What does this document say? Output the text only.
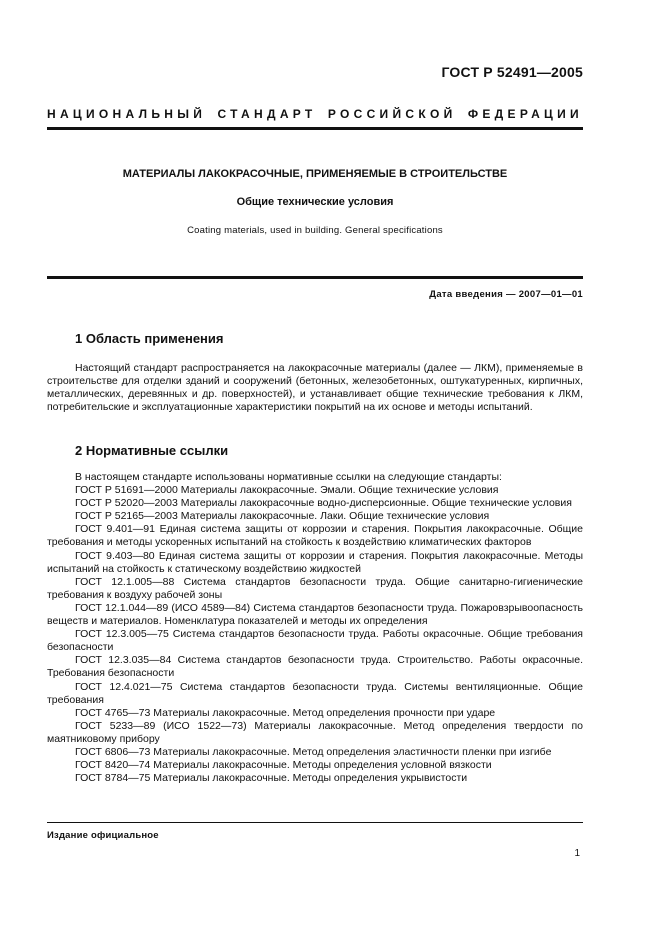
ГОСТ Р 52491—2005
НАЦИОНАЛЬНЫЙ СТАНДАРТ РОССИЙСКОЙ ФЕДЕРАЦИИ
МАТЕРИАЛЫ ЛАКОКРАСОЧНЫЕ, ПРИМЕНЯЕМЫЕ В СТРОИТЕЛЬСТВЕ
Общие технические условия
Coating materials, used in building. General specifications
Дата введения — 2007—01—01
1 Область применения

Настоящий стандарт распространяется на лакокрасочные материалы (далее — ЛКМ), применяемые в строительстве для отделки зданий и сооружений (бетонных, железобетонных, оштукатуренных, кирпичных, металлических, деревянных и др. поверхностей), и устанавливает общие технические требования к ЛКМ, потребительские и эксплуатационные характеристики покрытий на их основе и методы испытаний.

2 Нормативные ссылки

В настоящем стандарте использованы нормативные ссылки на следующие стандарты:

ГОСТ Р 51691—2000 Материалы лакокрасочные. Эмали. Общие технические условия

ГОСТ Р 52020—2003 Материалы лакокрасочные водно-дисперсионные. Общие технические условия

ГОСТ Р 52165—2003 Материалы лакокрасочные. Лаки. Общие технические условия

ГОСТ 9.401—91 Единая система защиты от коррозии и старения. Покрытия лакокрасочные. Общие требования и методы ускоренных испытаний на стойкость к воздействию климатических факторов

ГОСТ 9.403—80 Единая система защиты от коррозии и старения. Покрытия лакокрасочные. Методы испытаний на стойкость к статическому воздействию жидкостей

ГОСТ 12.1.005—88 Система стандартов безопасности труда. Общие санитарно-гигиенические требования к воздуху рабочей зоны

ГОСТ 12.1.044—89 (ИСО 4589—84) Система стандартов безопасности труда. Пожаровзрывоопасность веществ и материалов. Номенклатура показателей и методы их определения

ГОСТ 12.3.005—75 Система стандартов безопасности труда. Работы окрасочные. Общие требования безопасности

ГОСТ 12.3.035—84 Система стандартов безопасности труда. Строительство. Работы окрасочные. Требования безопасности

ГОСТ 12.4.021—75 Система стандартов безопасности труда. Системы вентиляционные. Общие требования

ГОСТ 4765—73 Материалы лакокрасочные. Метод определения прочности при ударе

ГОСТ 5233—89 (ИСО 1522—73) Материалы лакокрасочные. Метод определения твердости по маятниковому прибору

ГОСТ 6806—73 Материалы лакокрасочные. Метод определения эластичности пленки при изгибе

ГОСТ 8420—74 Материалы лакокрасочные. Методы определения условной вязкости

ГОСТ 8784—75 Материалы лакокрасочные. Методы определения укрывистости

Издание официальное
1
